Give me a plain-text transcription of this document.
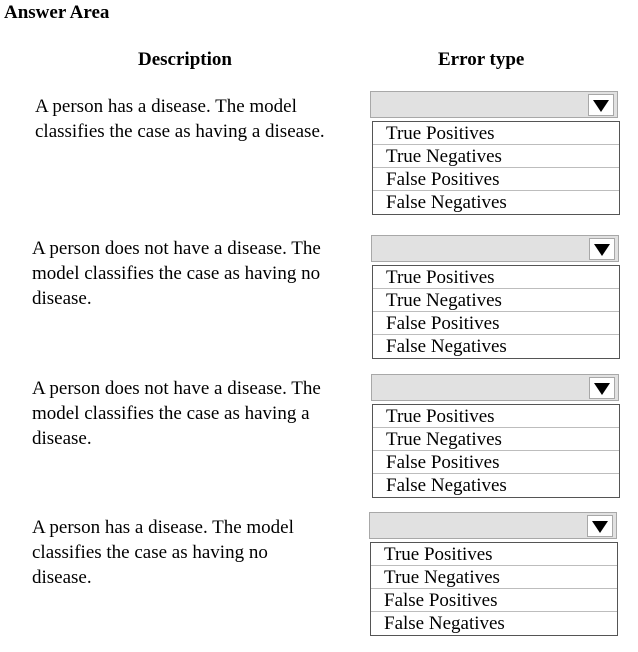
Answer Area
Description	Error type
A person has a disease. The model
classifies the case as having a disease.	True Positives
True Negatives
False Positives
False Negatives
A person does not have a disease. The
model classifies the case as having no
disease.
True Positives
True Negatives
False Positives
False Negatives
A person does not have a disease. The
model classifies the case as having a
disease.
True Positives
True Negatives
False Positives
False Negatives
A person has a disease. The model
classifies the case as having no
disease.
True Positives
True Negatives
False Positives
False Negatives
